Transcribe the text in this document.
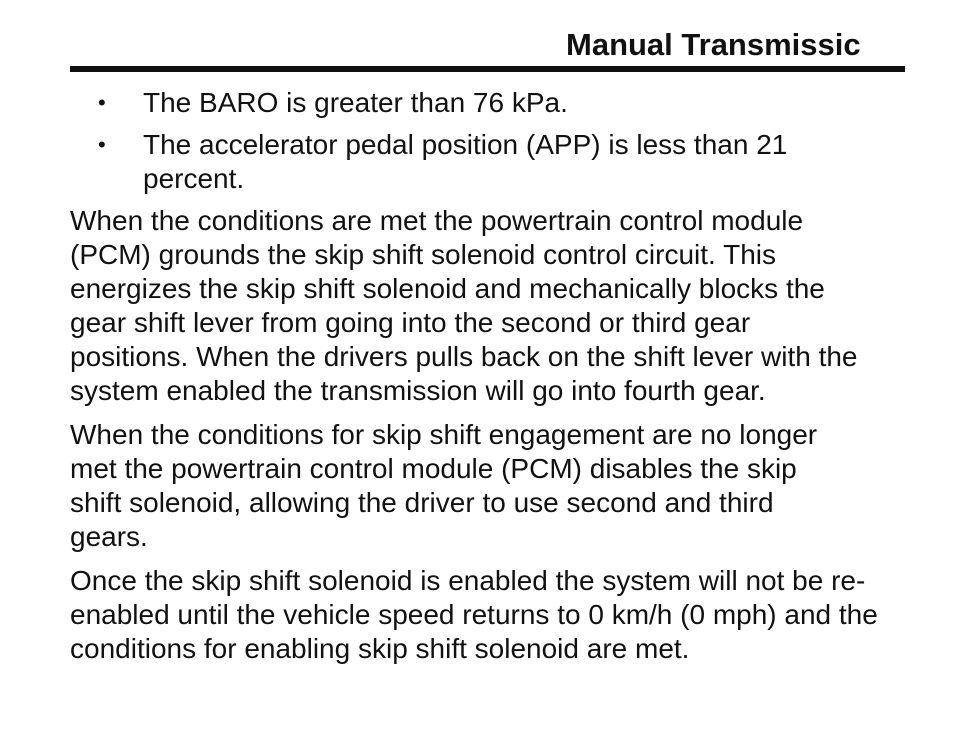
Manual Transmissic
• The BARO is greater than 76 kPa.
• The accelerator pedal position (APP) is less than 21 percent.

When the conditions are met the powertrain control module (PCM) grounds the skip shift solenoid control circuit. This energizes the skip shift solenoid and mechanically blocks the gear shift lever from going into the second or third gear positions. When the drivers pulls back on the shift lever with the system enabled the transmission will go into fourth gear.

When the conditions for skip shift engagement are no longer met the powertrain control module (PCM) disables the skip shift solenoid, allowing the driver to use second and third gears.

Once the skip shift solenoid is enabled the system will not be re-enabled until the vehicle speed returns to 0 km/h (0 mph) and the conditions for enabling skip shift solenoid are met.
